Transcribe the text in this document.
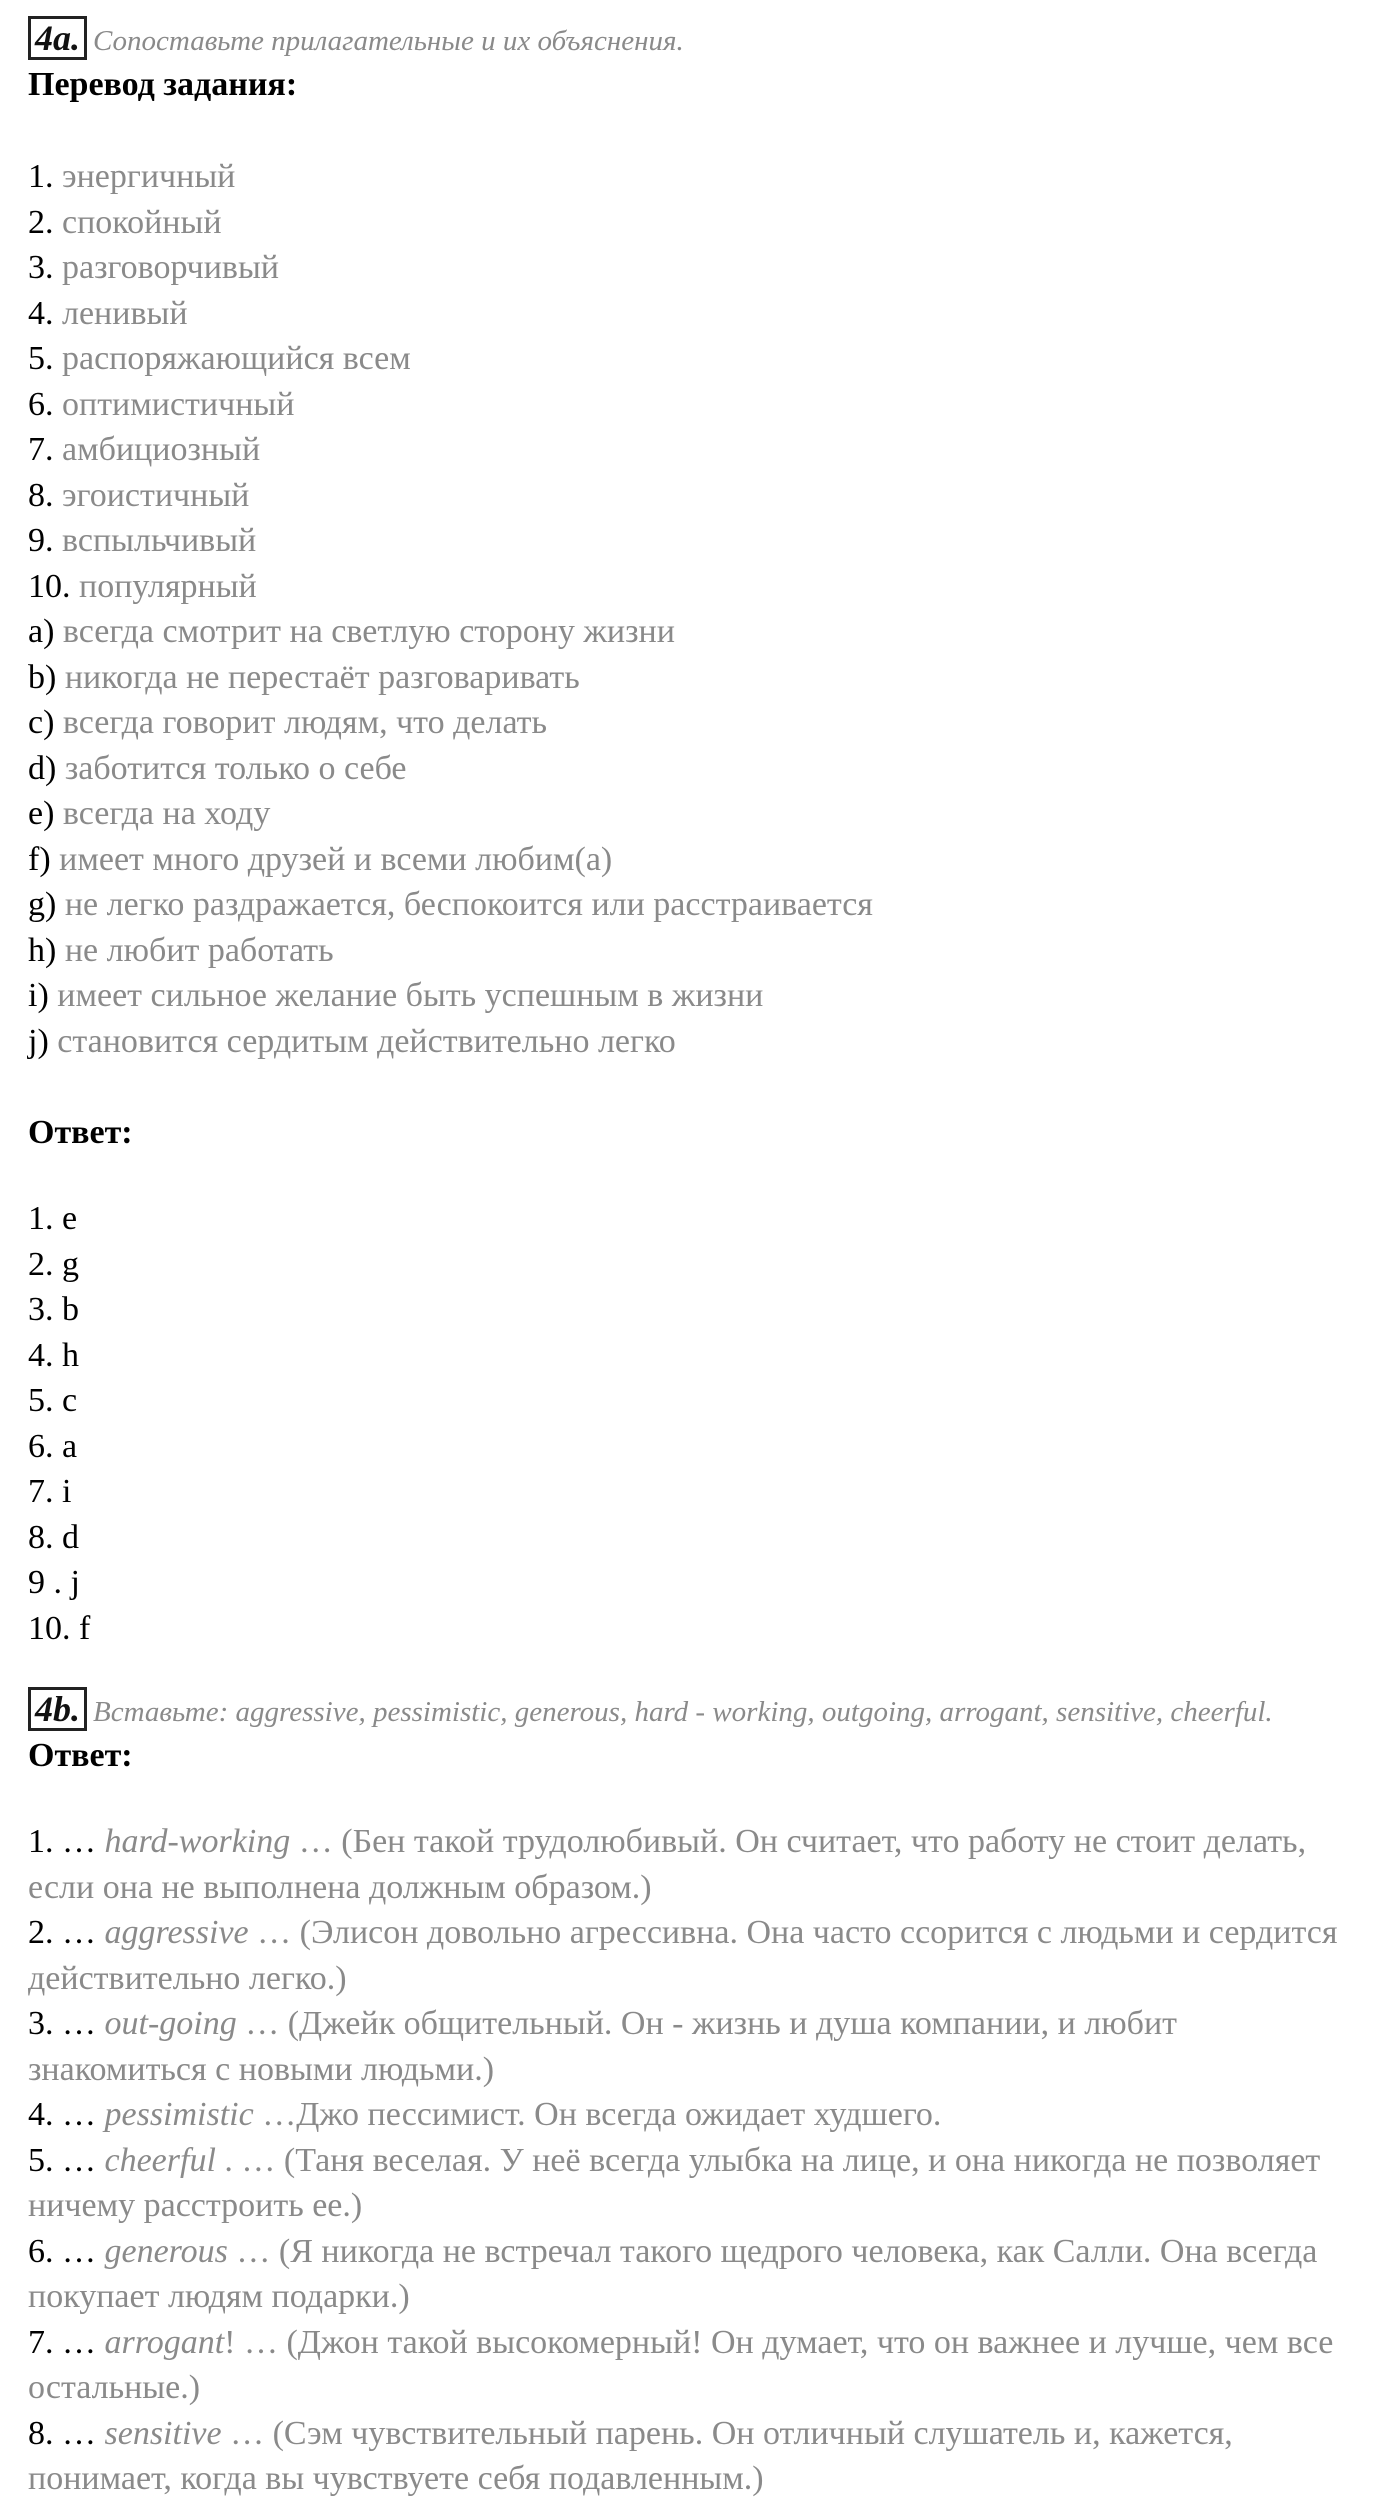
4a. Сопоставьте прилагательные и их объяснения.

Перевод задания:

1. энергичный
2. спокойный
3. разговорчивый
4. ленивый
5. распоряжающийся всем
6. оптимистичный
7. амбициозный
8. эгоистичный
9. вспыльчивый
10. популярный
a) всегда смотрит на светлую сторону жизни
b) никогда не перестаёт разговаривать
c) всегда говорит людям, что делать
d) заботится только о себе
e) всегда на ходу
f) имеет много друзей и всеми любим(а)
g) не легко раздражается, беспокоится или расстраивается
h) не любит работать
i) имеет сильное желание быть успешным в жизни
j) становится сердитым действительно легко

Ответ:

1. e
2. g
3. b
4. h
5. c
6. a
7. i
8. d
9 . j
10. f
4b. Вставьте: aggressive, pessimistic, generous, hard - working, outgoing, arrogant, sensitive, cheerful.

Ответ:

1. … hard-working … (Бен такой трудолюбивый. Он считает, что работу не стоит делать, если она не выполнена должным образом.)
2. … aggressive … (Элисон довольно агрессивна. Она часто ссорится с людьми и сердится действительно легко.)
3. … out-going … (Джейк общительный. Он - жизнь и душа компании, и любит знакомиться с новыми людьми.)
4. … pessimistic …Джо пессимист. Он всегда ожидает худшего.
5. … cheerful . … (Таня веселая. У неё всегда улыбка на лице, и она никогда не позволяет ничему расстроить ее.)
6. … generous … (Я никогда не встречал такого щедрого человека, как Салли. Она всегда покупает людям подарки.)
7. … arrogant! … (Джон такой высокомерный! Он думает, что он важнее и лучше, чем все остальные.)
8. … sensitive … (Сэм чувствительный парень. Он отличный слушатель и, кажется, понимает, когда вы чувствуете себя подавленным.)
